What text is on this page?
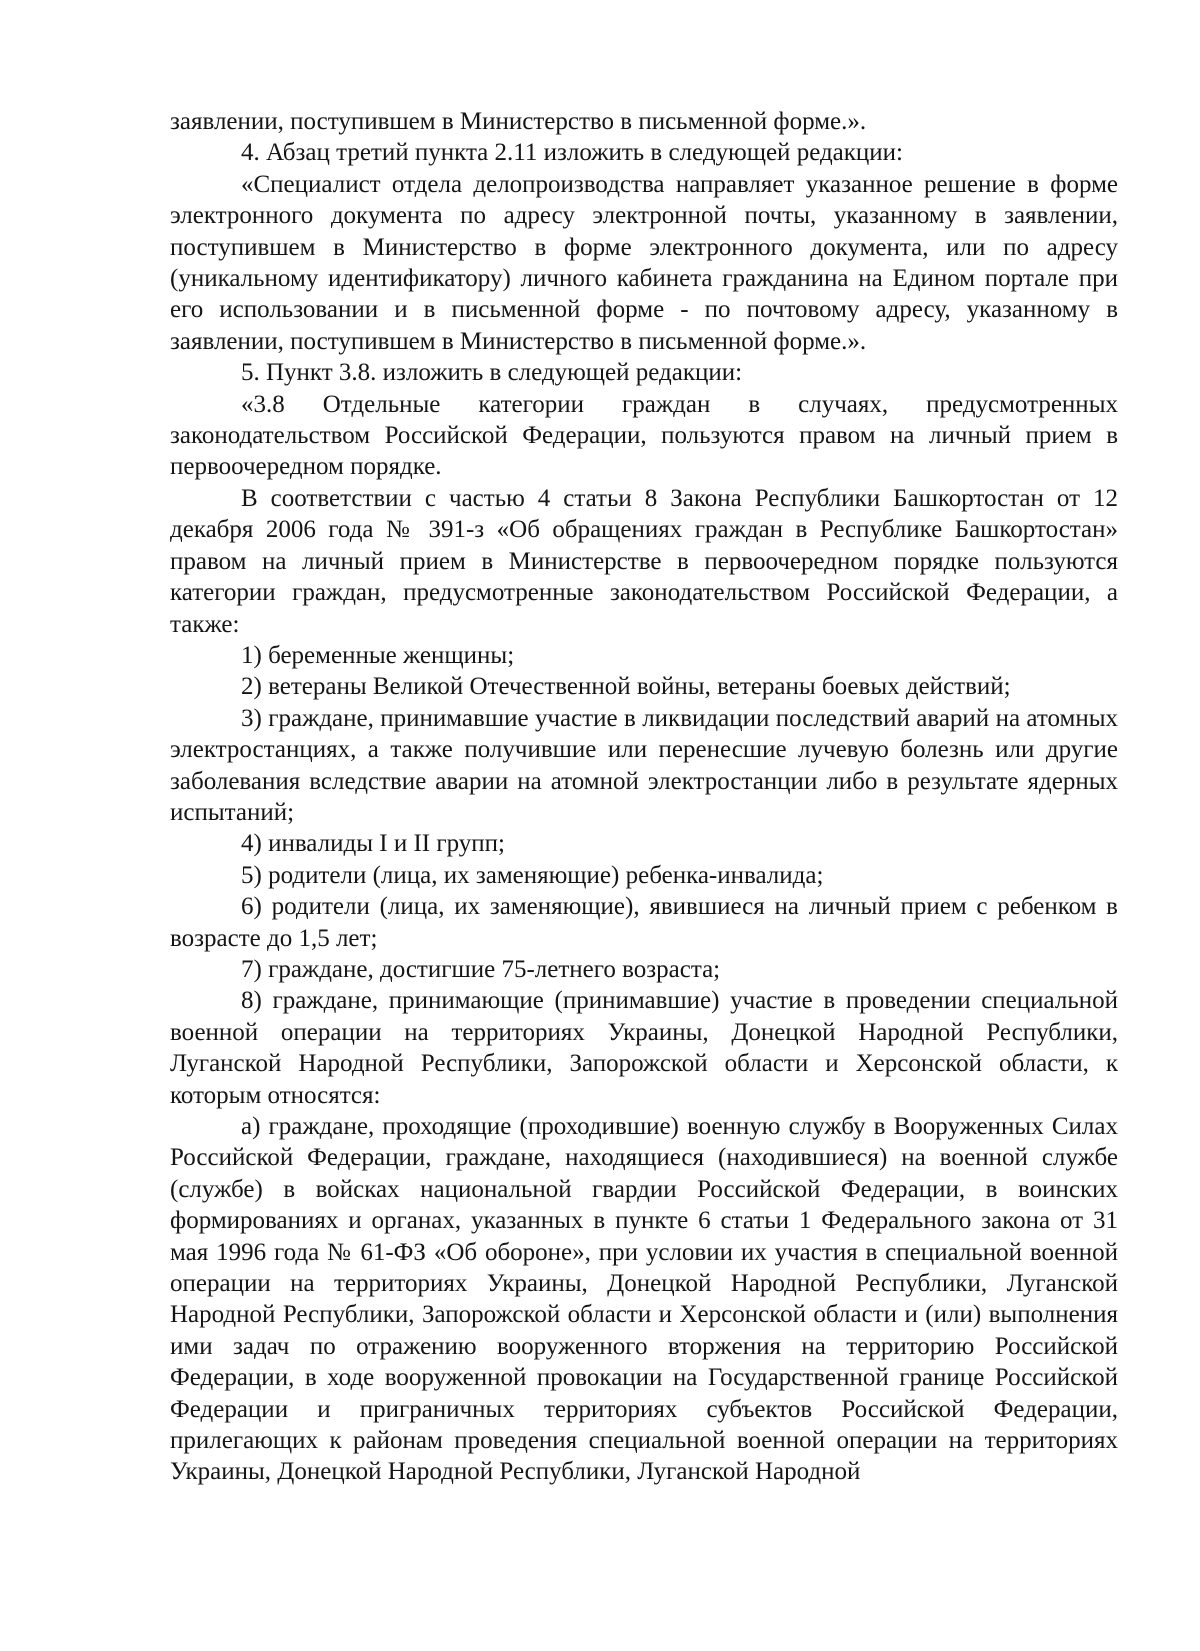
заявлении, поступившем в Министерство в письменной форме.».

4. Абзац третий пункта 2.11 изложить в следующей редакции:

«Специалист отдела делопроизводства направляет указанное решение в форме электронного документа по адресу электронной почты, указанному в заявлении, поступившем в Министерство в форме электронного документа, или по адресу (уникальному идентификатору) личного кабинета гражданина на Едином портале при его использовании и в письменной форме - по почтовому адресу, указанному в заявлении, поступившем в Министерство в письменной форме.».

5. Пункт 3.8. изложить в следующей редакции:

«3.8 Отдельные категории граждан в случаях, предусмотренных законодательством Российской Федерации, пользуются правом на личный прием в первоочередном порядке.

В соответствии с частью 4 статьи 8 Закона Республики Башкортостан от 12 декабря 2006 года № 391-з «Об обращениях граждан в Республике Башкортостан» правом на личный прием в Министерстве в первоочередном порядке пользуются категории граждан, предусмотренные законодательством Российской Федерации, а также:

1) беременные женщины;

2) ветераны Великой Отечественной войны, ветераны боевых действий;

3) граждане, принимавшие участие в ликвидации последствий аварий на атомных электростанциях, а также получившие или перенесшие лучевую болезнь или другие заболевания вследствие аварии на атомной электростанции либо в результате ядерных испытаний;

4) инвалиды I и II групп;

5) родители (лица, их заменяющие) ребенка-инвалида;

6) родители (лица, их заменяющие), явившиеся на личный прием с ребенком в возрасте до 1,5 лет;

7) граждане, достигшие 75-летнего возраста;

8) граждане, принимающие (принимавшие) участие в проведении специальной военной операции на территориях Украины, Донецкой Народной Республики, Луганской Народной Республики, Запорожской области и Херсонской области, к которым относятся:

а) граждане, проходящие (проходившие) военную службу в Вооруженных Силах Российской Федерации, граждане, находящиеся (находившиеся) на военной службе (службе) в войсках национальной гвардии Российской Федерации, в воинских формированиях и органах, указанных в пункте 6 статьи 1 Федерального закона от 31 мая 1996 года № 61-ФЗ «Об обороне», при условии их участия в специальной военной операции на территориях Украины, Донецкой Народной Республики, Луганской Народной Республики, Запорожской области и Херсонской области и (или) выполнения ими задач по отражению вооруженного вторжения на территорию Российской Федерации, в ходе вооруженной провокации на Государственной границе Российской Федерации и приграничных территориях субъектов Российской Федерации, прилегающих к районам проведения специальной военной операции на территориях Украины, Донецкой Народной Республики, Луганской Народной
